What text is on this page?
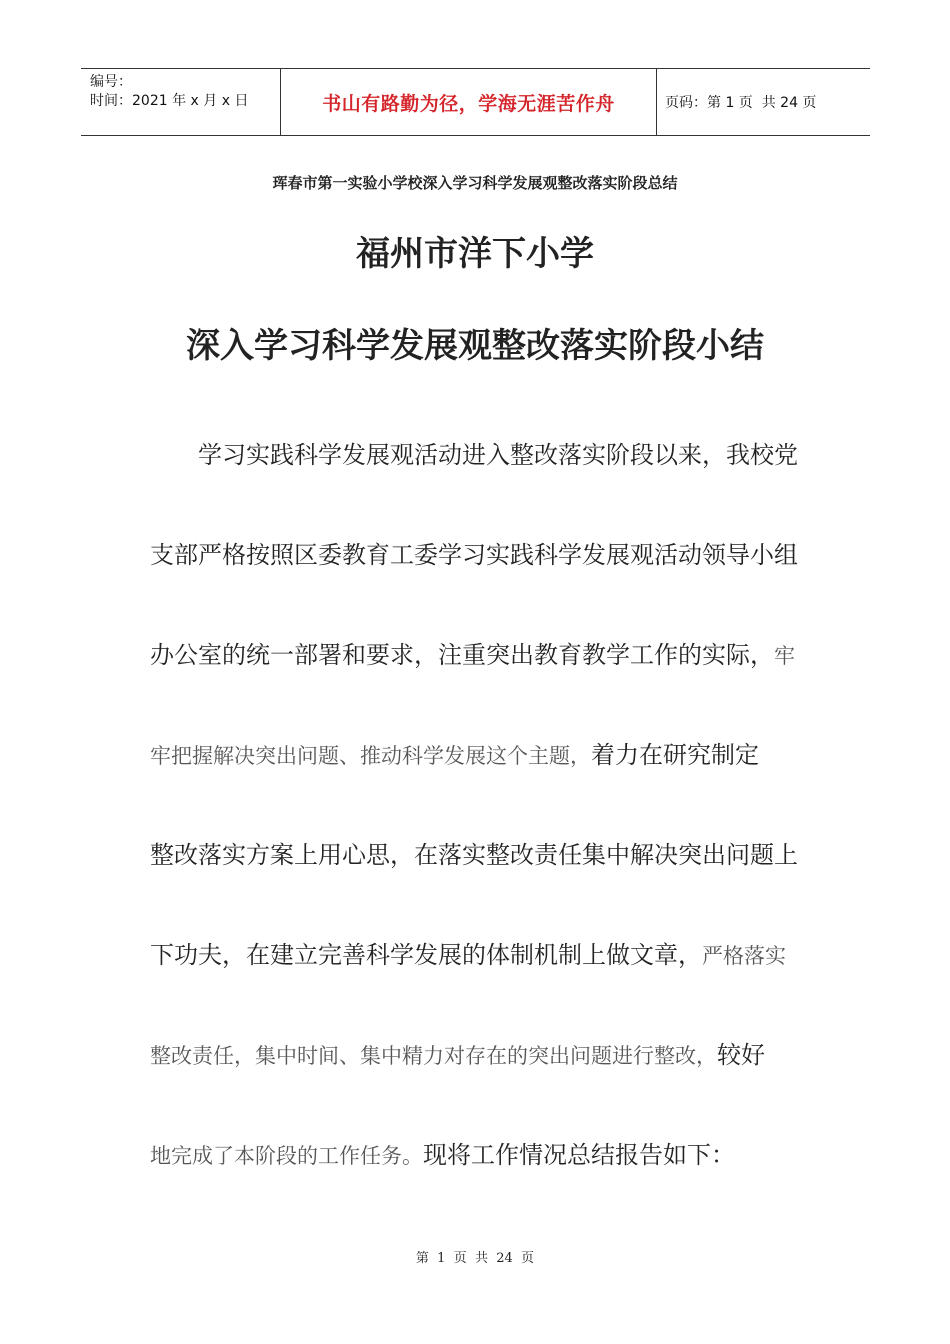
编号：
时间：2021 年 x 月 x 日	书山有路勤为径，学海无涯苦作舟	页码：第 1 页  共 24 页
珲春市第一实验小学校深入学习科学发展观整改落实阶段总结
福州市洋下小学
深入学习科学发展观整改落实阶段小结
学习实践科学发展观活动进入整改落实阶段以来，我校党
支部严格按照区委教育工委学习实践科学发展观活动领导小组
办公室的统一部署和要求，注重突出教育教学工作的实际，牢
牢把握解决突出问题、推动科学发展这个主题，着力在研究制定
整改落实方案上用心思，在落实整改责任集中解决突出问题上
下功夫，在建立完善科学发展的体制机制上做文章，严格落实
整改责任，集中时间、集中精力对存在的突出问题进行整改，较好
地完成了本阶段的工作任务。现将工作情况总结报告如下：
第  1  页  共  24  页
